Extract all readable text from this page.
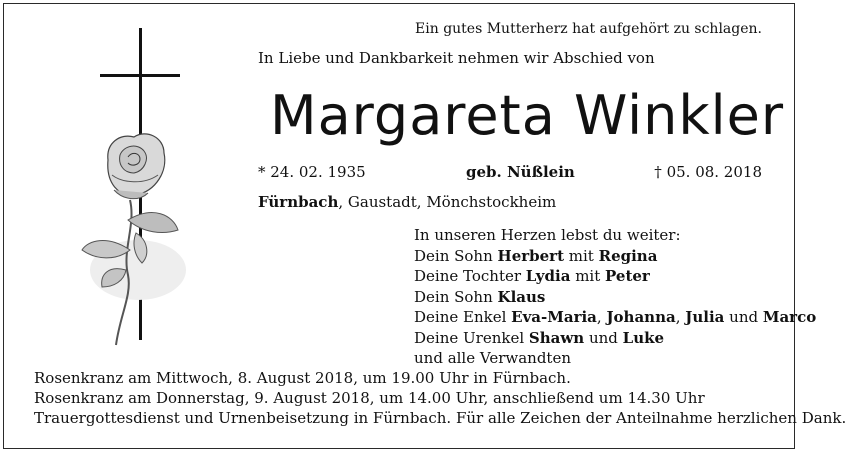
Ein gutes Mutterherz hat aufgehört zu schlagen.
In Liebe und Dankbarkeit nehmen wir Abschied von
Margareta Winkler
* 24. 02. 1935	geb. Nüßlein	† 05. 08. 2018
Fürnbach, Gaustadt, Mönchstockheim
In unseren Herzen lebst du weiter:
Dein Sohn Herbert mit Regina
Deine Tochter Lydia mit Peter
Dein Sohn Klaus
Deine Enkel Eva-Maria, Johanna, Julia und Marco
Deine Urenkel Shawn und Luke
und alle Verwandten
Rosenkranz am Mittwoch, 8. August 2018, um 19.00 Uhr in Fürnbach.
Rosenkranz am Donnerstag, 9. August 2018, um 14.00 Uhr, anschließend um 14.30 Uhr
Trauergottesdienst und Urnenbeisetzung in Fürnbach. Für alle Zeichen der Anteilnahme herzlichen Dank.
